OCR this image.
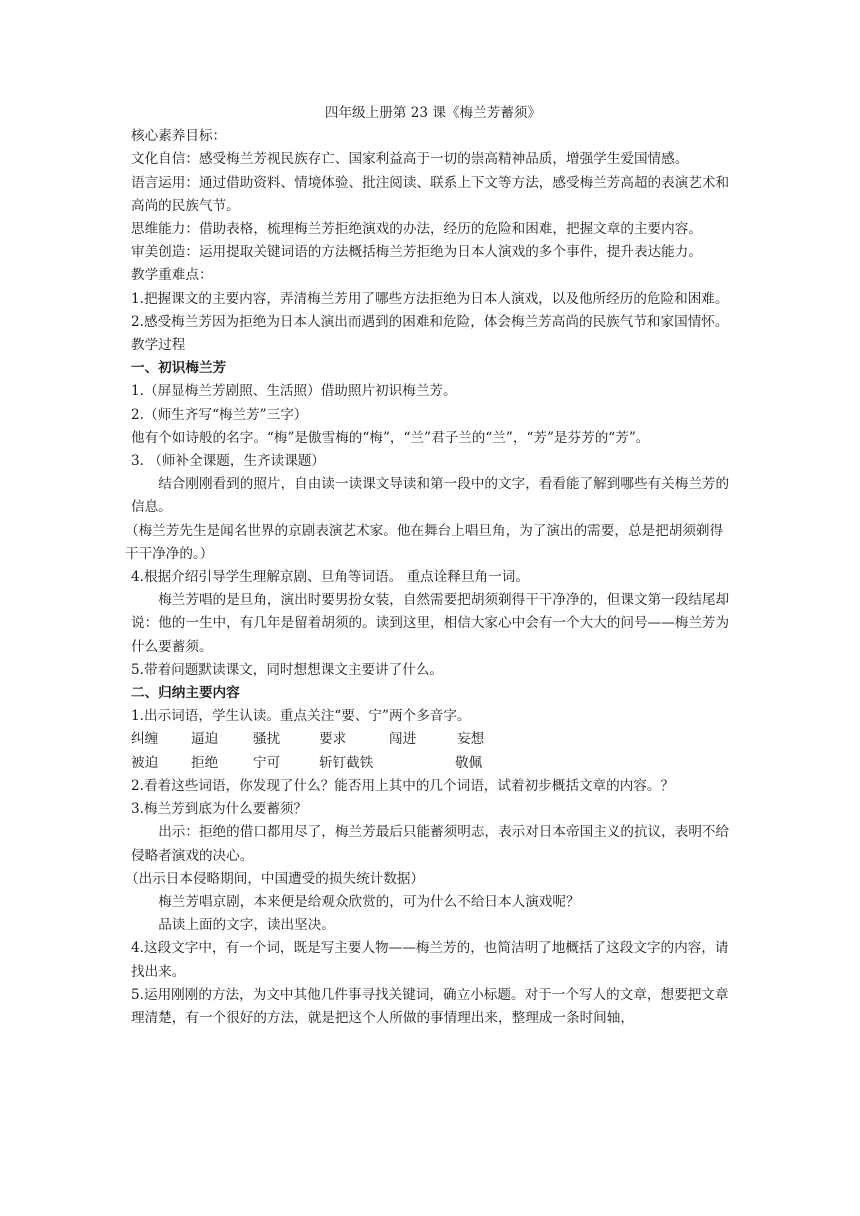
四年级上册第 23 课《梅兰芳蓄须》

核心素养目标：

文化自信：感受梅兰芳视民族存亡、国家利益高于一切的崇高精神品质，增强学生爱国情感。

语言运用：通过借助资料、情境体验、批注阅读、联系上下文等方法，感受梅兰芳高超的表演艺术和高尚的民族气节。

思维能力：借助表格，梳理梅兰芳拒绝演戏的办法，经历的危险和困难，把握文章的主要内容。

审美创造：运用提取关键词语的方法概括梅兰芳拒绝为日本人演戏的多个事件，提升表达能力。

教学重难点：

1.把握课文的主要内容，弄清梅兰芳用了哪些方法拒绝为日本人演戏，以及他所经历的危险和困难。

2.感受梅兰芳因为拒绝为日本人演出而遇到的困难和危险，体会梅兰芳高尚的民族气节和家国情怀。

教学过程

一、初识梅兰芳

1.（屏显梅兰芳剧照、生活照）借助照片初识梅兰芳。

2.（师生齐写“梅兰芳”三字）

他有个如诗般的名字。“梅”是傲雪梅的“梅”，“兰”君子兰的“兰”，“芳”是芬芳的“芳”。

3. （师补全课题，生齐读课题）

结合刚刚看到的照片，自由读一读课文导读和第一段中的文字，看看能了解到哪些有关梅兰芳的信息。

（梅兰芳先生是闻名世界的京剧表演艺术家。他在舞台上唱旦角，为了演出的需要，总是把胡须剃得干干净净的。）

4.根据介绍引导学生理解京剧、旦角等词语。 重点诠释旦角一词。

梅兰芳唱的是旦角，演出时要男扮女装，自然需要把胡须剃得干干净净的，但课文第一段结尾却说：他的一生中，有几年是留着胡须的。读到这里，相信大家心中会有一个大大的问号——梅兰芳为什么要蓄须。

5.带着问题默读课文，同时想想课文主要讲了什么。

二、归纳主要内容

1.出示词语，学生认读。重点关注“要、宁”两个多音字。

纠缠	逼迫	骚扰	要求	闯进	妄想
被迫	拒绝	宁可	斩钉截铁	敬佩

2.看着这些词语，你发现了什么？能否用上其中的几个词语，试着初步概括文章的内容。？

3.梅兰芳到底为什么要蓄须？

出示：拒绝的借口都用尽了，梅兰芳最后只能蓄须明志，表示对日本帝国主义的抗议，表明不给侵略者演戏的决心。

（出示日本侵略期间，中国遭受的损失统计数据）

梅兰芳唱京剧，本来便是给观众欣赏的，可为什么不给日本人演戏呢？

品读上面的文字，读出坚决。

4.这段文字中，有一个词，既是写主要人物——梅兰芳的，也简洁明了地概括了这段文字的内容，请找出来。

5.运用刚刚的方法，为文中其他几件事寻找关键词，确立小标题。对于一个写人的文章，想要把文章理清楚，有一个很好的方法，就是把这个人所做的事情理出来，整理成一条时间轴，
